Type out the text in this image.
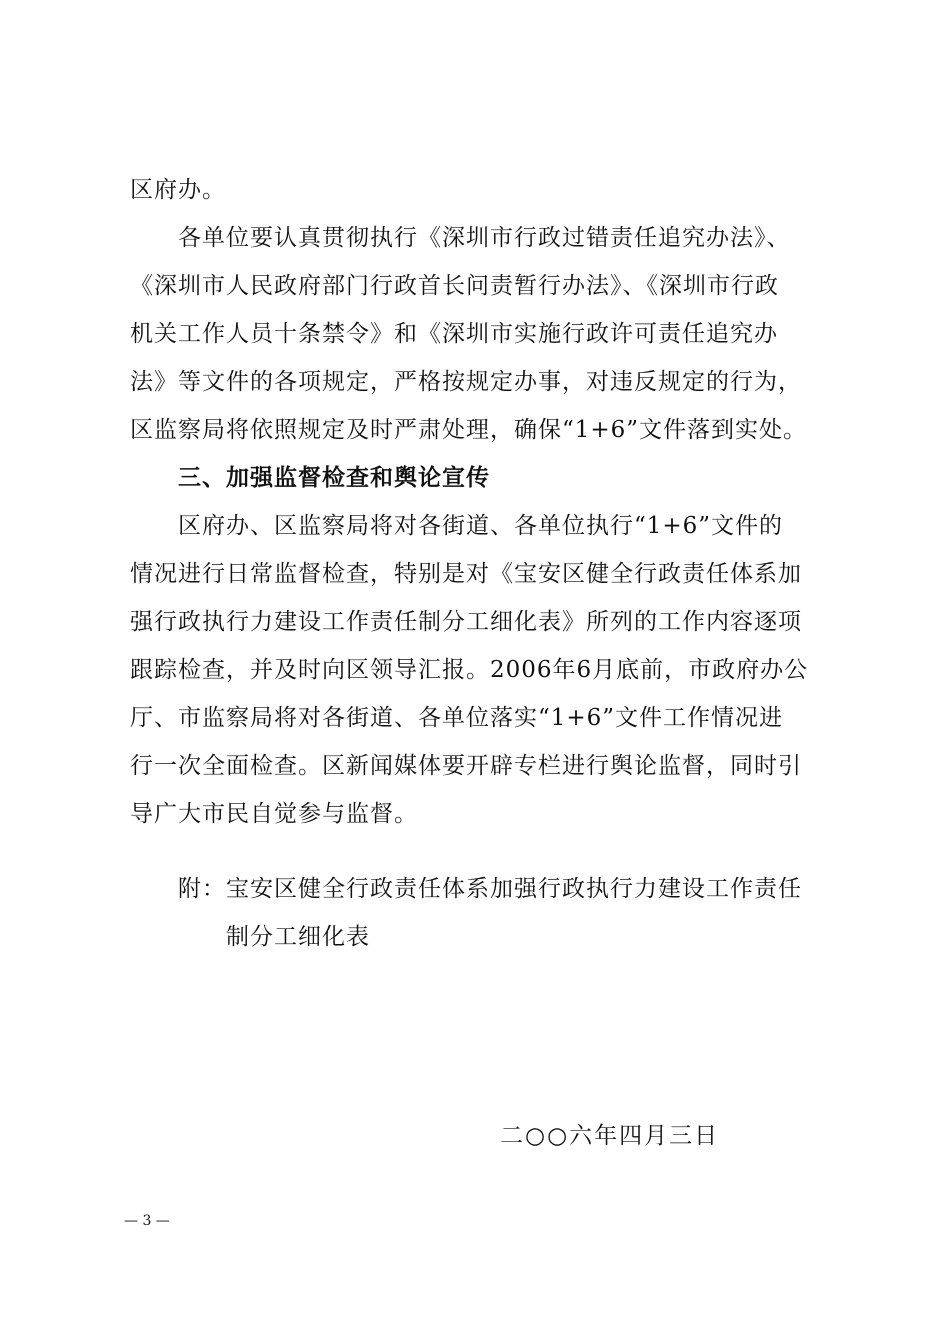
区府办。
各单位要认真贯彻执行《深圳市行政过错责任追究办法》、
《深圳市人民政府部门行政首长问责暂行办法》、《深圳市行政
机关工作人员十条禁令》和《深圳市实施行政许可责任追究办
法》等文件的各项规定，严格按规定办事，对违反规定的行为，
区监察局将依照规定及时严肃处理，确保“1+6”文件落到实处。
三、加强监督检查和舆论宣传
区府办、区监察局将对各街道、各单位执行“1+6”文件的
情况进行日常监督检查，特别是对《宝安区健全行政责任体系加
强行政执行力建设工作责任制分工细化表》所列的工作内容逐项
跟踪检查，并及时向区领导汇报。2006年6月底前，市政府办公
厅、市监察局将对各街道、各单位落实“1+6”文件工作情况进
行一次全面检查。区新闻媒体要开辟专栏进行舆论监督，同时引
导广大市民自觉参与监督。
附：宝安区健全行政责任体系加强行政执行力建设工作责任
制分工细化表
二○○六年四月三日
— 3 —
